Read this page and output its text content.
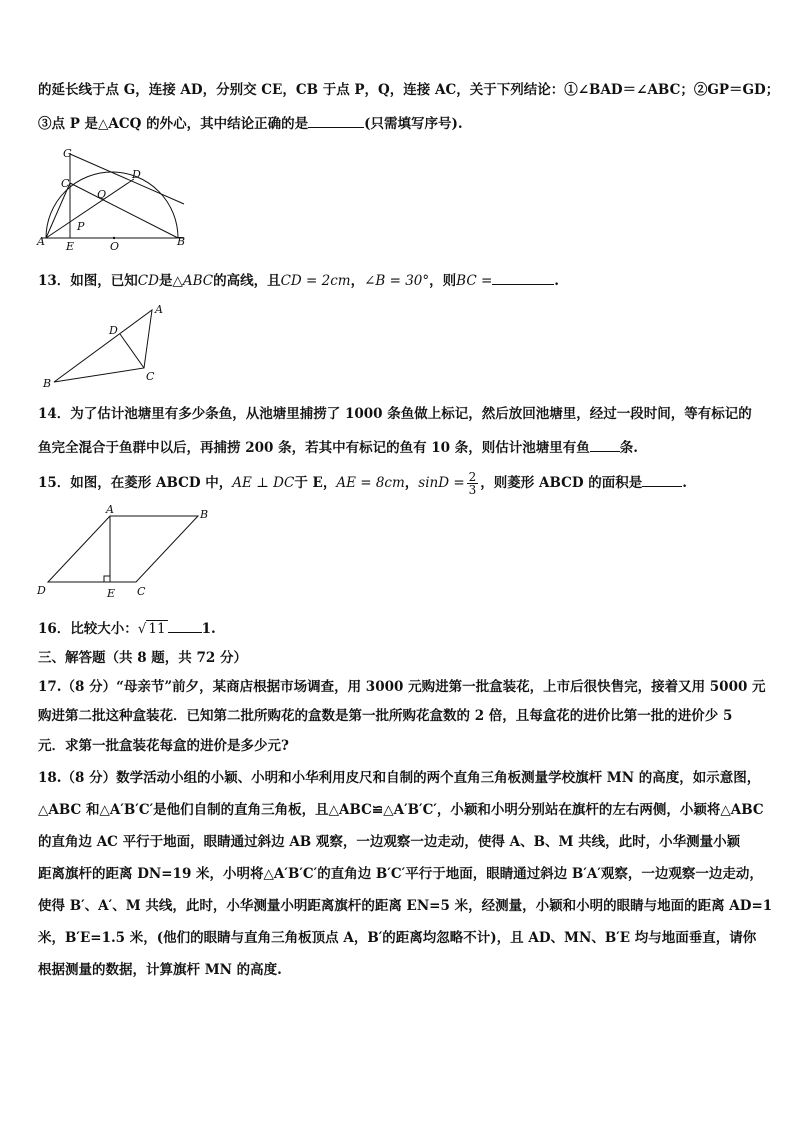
的延长线于点 G，连接 AD，分别交 CE，CB 于点 P，Q，连接 AC，关于下列结论：①∠BAD＝∠ABC；②GP＝GD；
③点 P 是△ACQ 的外心，其中结论正确的是	(只需填写序号).
G
C
D
Q
P
A E	O	B
13．如图，已知CD是△ABC的高线，且CD = 2cm，∠B = 30°，则BC =	.
A
D
B
C
14．为了估计池塘里有多少条鱼，从池塘里捕捞了 1000 条鱼做上标记，然后放回池塘里，经过一段时间，等有标记的
鱼完全混合于鱼群中以后，再捕捞 200 条，若其中有标记的鱼有 10 条，则估计池塘里有鱼 条.
15．如图，在菱形 ABCD 中，AE ⊥ DC于 E，AE = 8cm，$\sin D = \frac{2}{3}$ ，则菱形 ABCD 的面积是	.
A	B
D	E C
16．比较大小：√ 11	1.
三、解答题（共 8 题，共 72 分）
17.（8 分）“母亲节”前夕，某商店根据市场调查，用 3000 元购进第一批盒装花，上市后很快售完，接着又用 5000 元
购进第二批这种盒装花．已知第二批所购花的盒数是第一批所购花盒数的 2 倍，且每盒花的进价比第一批的进价少 5
元．求第一批盒装花每盒的进价是多少元?
18.（8 分）数学活动小组的小颖、小明和小华利用皮尺和自制的两个直角三角板测量学校旗杆 MN 的高度，如示意图，
△ABC 和△A′B′C′是他们自制的直角三角板，且△ABC≌△A′B′C′，小颖和小明分别站在旗杆的左右两侧，小颖将△ABC
的直角边 AC 平行于地面，眼睛通过斜边 AB 观察，一边观察一边走动，使得 A、B、M 共线，此时，小华测量小颖
距离旗杆的距离 DN=19 米，小明将△A′B′C′的直角边 B′C′平行于地面，眼睛通过斜边 B′A′观察，一边观察一边走动，
使得 B′、A′、M 共线，此时，小华测量小明距离旗杆的距离 EN=5 米，经测量，小颖和小明的眼睛与地面的距离 AD=1
米，B′E=1.5 米，(他们的眼睛与直角三角板顶点 A，B′的距离均忽略不计)，且 AD、MN、B′E 均与地面垂直，请你
根据测量的数据，计算旗杆 MN 的高度.
